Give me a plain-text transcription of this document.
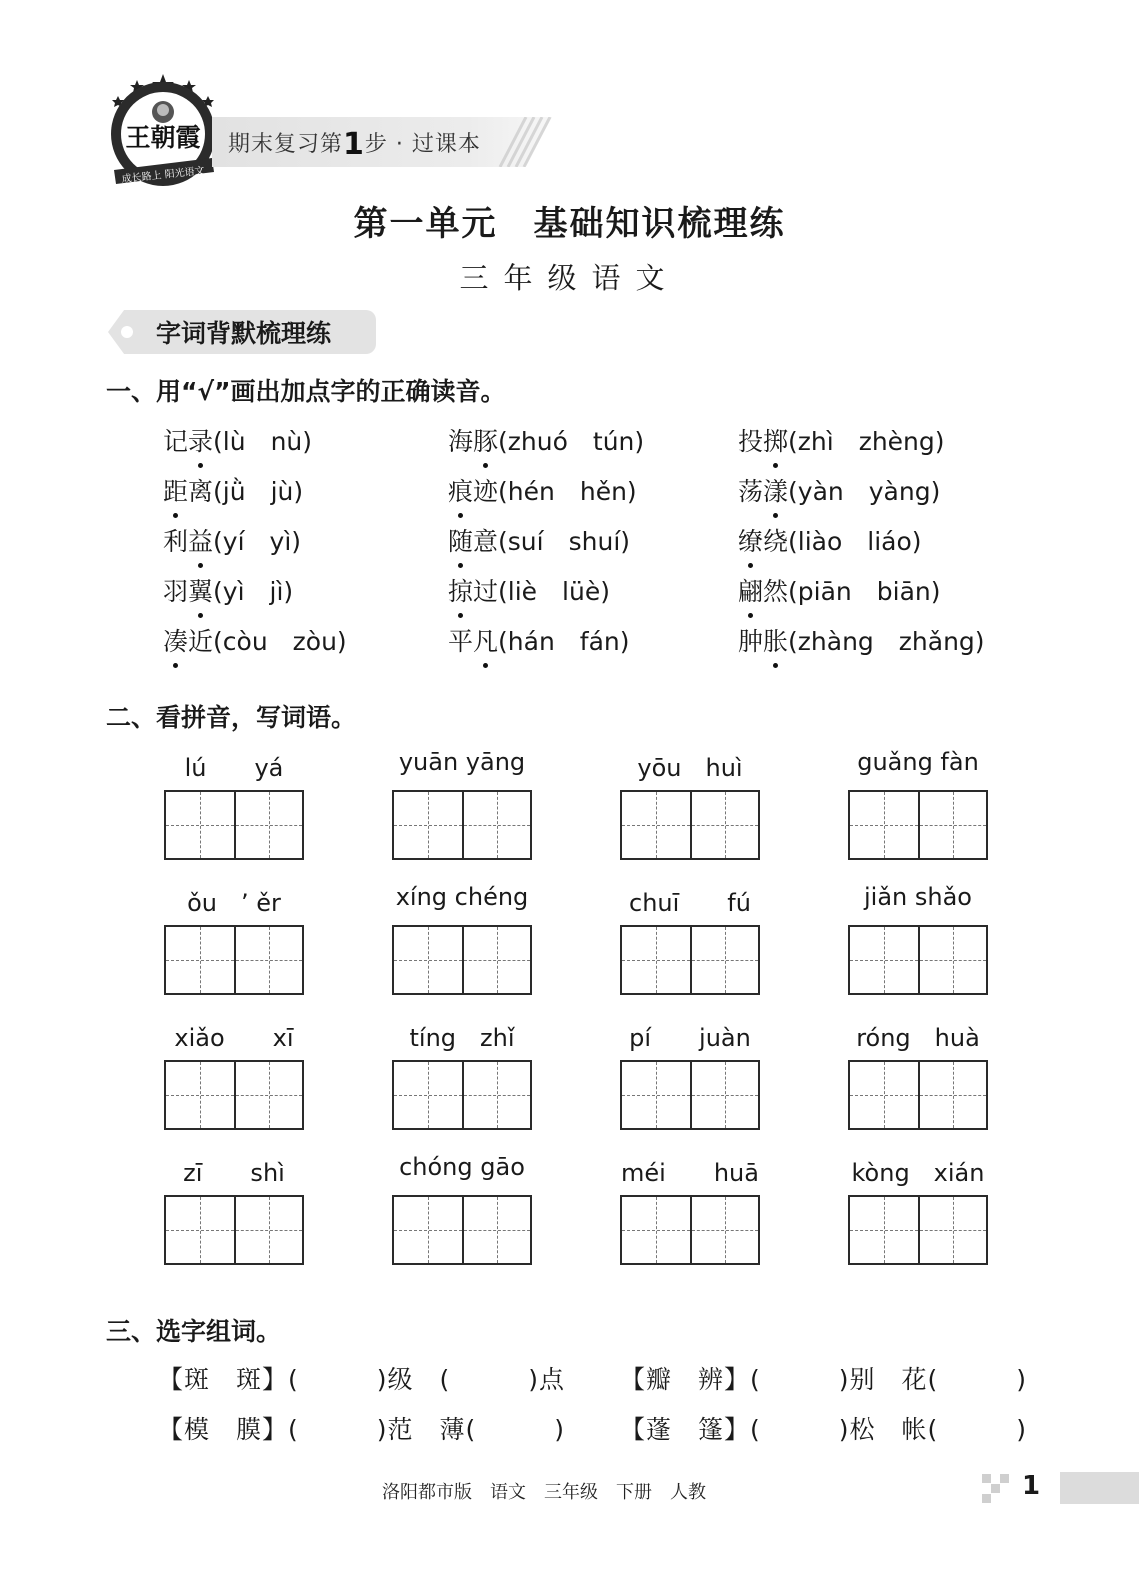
成长路上 阳光语文
王朝霞 期末复习第1步 · 过课本
第一单元　基础知识梳理练
三年级语文
字词背默梳理练
一、用“√”画出加点字的正确读音。
记录(lù　nù)	海豚(zhuó　tún)	投掷(zhì　zhèng)
距离(jǜ　jù)	痕迹(hén　hěn)	荡漾(yàn　yàng)
利益(yí　yì)	随意(suí　shuí)	缭绕(liào　liáo)
羽翼(yì　jì)	掠过(liè　lüè)	翩然(piān　biān)
凑近(còu　zòu)	平凡(hán　fán)	肿胀(zhàng　zhǎng)
二、看拼音，写词语。
lú　　yá	yuān yāng	yōu　huì	guǎng fàn
ǒu　’ ěr	xíng chéng	chuī　　fú	jiǎn shǎo
xiǎo　　xī	tíng　zhǐ	pí　　juàn	róng　huà
zī　　shì	chóng gāo	méi　　huā	kòng　xián
三、选字组词。
【斑　斑】(　　　)级　(　　　)点 【瓣　辨】(　　　)别　花(　　　)
【模　膜】(　　　)范　薄(　　　) 【蓬　篷】(　　　)松　帐(　　　)
洛阳都市版　语文　三年级　下册　人教	1
